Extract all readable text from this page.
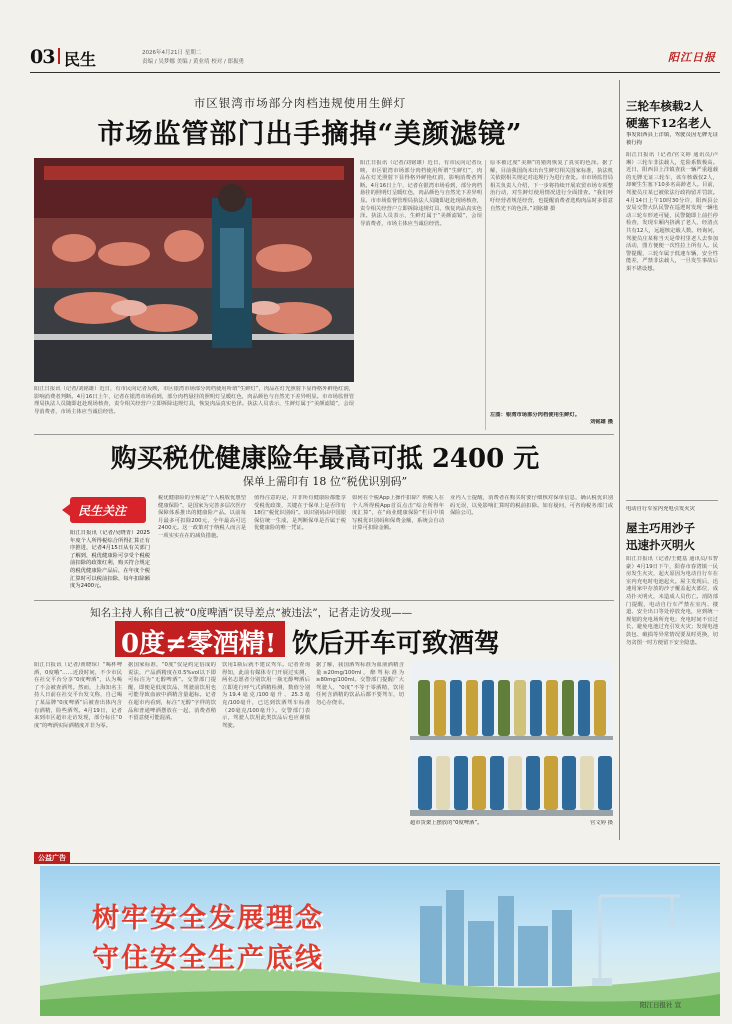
03 民生	2026年4月21日 星期二
责编 / 吴梦娜 美编 / 黄业靖 校对 / 郎振勇	阳江日报
市区银湾市场部分肉档违规使用生鲜灯
市场监管部门出手摘掉“美颜滤镜”
阳江日报讯（记者/刘铭雄）近日，有市民向记者反映，市区银湾市场部分肉档使用所谓“生鲜灯”，肉品在灯光照射下显得格外鲜艳红润，影响消费者判断。4月16日上午，记者在银湾市场看到，部分肉档悬挂的照明灯呈暖红色，肉品颜色与自然光下差异明显。市市场监督管理局执法人员随即赶赴现场核查，责令相关经营户立即拆除违规灯具，恢复肉品真实色泽。执法人员表示，生鲜灯属于“美颜滤镜”，会误导消费者，市场主体应当诚信经营。
原本被过度“美颜”的猪肉恢复了真实的色泽。据了解，目前我国尚未出台生鲜灯相关国家标准，执法机关依据相关规定对违规行为进行查处。市市场监管局相关负责人介绍，下一步将持续开展农贸市场专项整治行动，对生鲜灯使用情况进行全面排查。“我们呼吁经营者规范经营，也提醒消费者选购肉品时多留意自然光下的色泽。”刘铭雄 摄
左图：银湾市场部分肉档使用生鲜灯。
刘铭雄 摄
阳江日报讯（记者/刘铭雄）近日，有市民向记者反映，市区银湾市场部分肉档使用所谓“生鲜灯”，肉品在灯光照射下显得格外鲜艳红润，影响消费者判断。4月16日上午，记者在银湾市场看到，部分肉档悬挂的照明灯呈暖红色，肉品颜色与自然光下差异明显。市市场监督管理局执法人员随即赶赴现场核查，责令相关经营户立即拆除违规灯具，恢复肉品真实色泽。执法人员表示，生鲜灯属于“美颜滤镜”，会误导消费者，市场主体应当诚信经营。
购买税优健康险年最高可抵 2400 元
保单上需印有 18 位“税优识别码”
民生关注
阳江日报讯（记者/吴晓青）2025年度个人所得税综合所得汇算正有序推进，记者4月15日从有关部门了解到，税优健康险可享受个税税前扣除的政策红利，购买符合规定的税优健康险产品后，在年度个税汇算时可以税前扣除，每年扣除额度为2400元。
税优健康险的全称是“个人税收优惠型健康保险”，是国家为完善多层次医疗保障体系推出的健康险产品。以前每月最多可扣除200元，全年最高可达2400元。这一政策对于纳税人而言是一项实实在在的减负措施。
值得注意的是，并非所有健康险都能享受税优政策，关键在于保单上是否印有18位“税优识别码”。该识别码由中国银保信统一生成，是判断保单是否属于税优健康险的唯一凭证。
如何在个税App上操作扣除？纳税人在个人所得税App首页点击“综合所得年度汇算”，在“商业健康保险”栏目中填写税优识别码和保费金额，系统会自动计算可扣除金额。
业内人士提醒，消费者在购买时要仔细核对保单信息，确认税优识别码无误，以免影响汇算时的税前扣除。如有疑问，可咨询税务部门或保险公司。
知名主持人称自己被“0度啤酒”误导差点“被违法”，记者走访发现——
0度≠零酒精! 饮后开车可致酒驾
阳江日报讯（记者/黄晓琼）“喝杯啤酒，0度哦”……近段时间，不少市民在社交平台分享“0度啤酒”，认为喝了不会被查酒驾。然而，上海知名主持人日前在社交平台发文称，自己喝了某品牌“0度啤酒”后被查出体内含有酒精，险些酒驾。4月19日，记者来到市区超市走访发现，部分标注“0度”的啤酒实际酒精度并非为零。
据国家标准，“0度”仅是约定俗成的说法，产品酒精度在0.5%vol以下即可标注为“无醇啤酒”。交警部门提醒，即便是低度饮品，驾驶前饮用也可能导致血液中酒精含量超标。记者在超市内看到，标注“无醇”字样的饮品和普通啤酒摆放在一起，消费者稍不留意便可能混淆。
饮用1瓶后就不建议驾车。记者查询得知，此前有媒体专门开展过实测，两名志愿者分别饮用一瓶无醇啤酒后立即进行呼气式酒精检测，数值分别为19.4毫克/100毫升、25.3毫克/100毫升，已达到饮酒驾车标准（20毫克/100毫升）。交警部门表示，驾驶人饮用此类饮品后也应谨慎驾驶。
据了解，我国酒驾标准为血液酒精含量≥20mg/100ml，醉驾标准为≥80mg/100ml。交警部门提醒广大驾驶人，“0度”不等于零酒精，饮用任何含酒精的饮品后都不要驾车，切勿心存侥幸。
超市货架上摆放的“0度啤酒”。	官文婷 摄
三轮车核载2人
硬塞下12名老人
事发阳西县上洋镇，驾驶员因无牌无证被行拘
阳江日报讯（记者/官文婷 通讯员/卢琳）三轮车非法载人，危险系数极高。近日，阳西县上洋镇查获一辆严重超载的无牌无证三轮车，该车核载仅2人，却硬生生塞下10多名高龄老人。目前，驾驶员庄某已被依法行政拘留并罚款。4月14日上午10时30分许，阳西县公安局交警大队民警在巡逻时发现一辆电动三轮车形迹可疑，民警随即上前拦停检查，发现车厢内挤满了老人，经清点共有12人，远超核定载人数。经询问，驾驶员庄某称当天是带村里老人去参加活动，图方便便一次性拉上所有人。民警提醒，三轮车属于低速车辆，安全性能差，严禁非法载人，一旦发生事故后果不堪设想。
电动自行车室内充电引发火灾
屋主巧用沙子
迅速扑灭明火
阳江日报讯（记者/王健基 通讯员/韦智豪）4月19日下午，阳春市春湾镇一民房发生火灾，起火原因为电动自行车在室内充电时电池起火。屋主发现后，迅速用家中存放的沙子覆盖起火部位，成功扑灭明火，未造成人员伤亡。消防部门提醒，电动自行车严禁在室内、楼道、安全出口等处停放充电，应到统一规划的充电场所充电；充电时间不宜过长，避免电池过充引发火灾；发现电池鼓包、破损等异常情况要及时更换，切勿贪图一时方便留下安全隐患。
公益广告
树牢安全发展理念
守住安全生产底线
阳江日报社 宣
